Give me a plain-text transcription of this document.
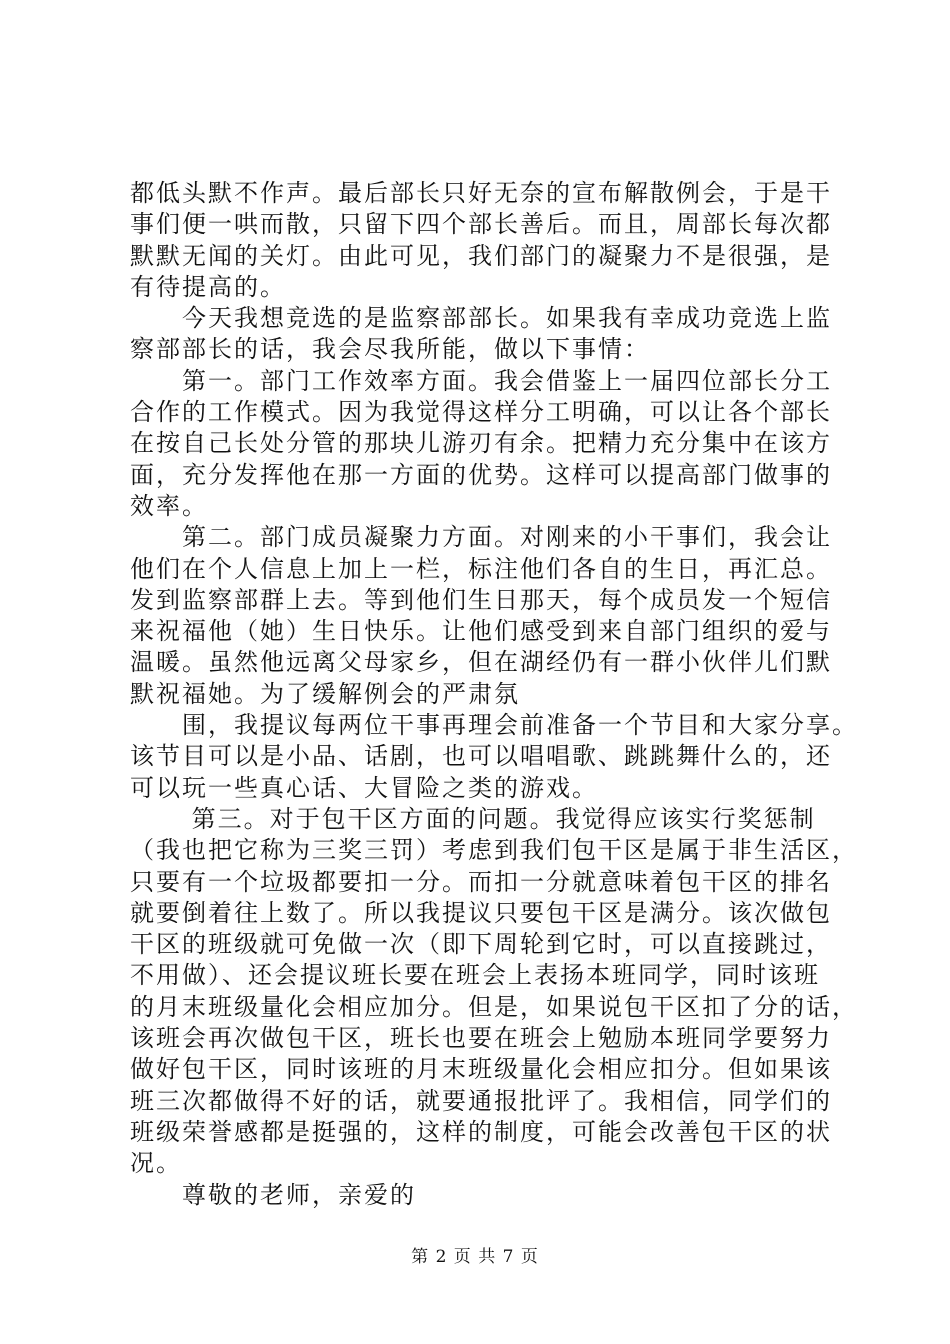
都低头默不作声。最后部长只好无奈的宣布解散例会，于是干
事们便一哄而散，只留下四个部长善后。而且，周部长每次都
默默无闻的关灯。由此可见，我们部门的凝聚力不是很强，是
有待提高的。

　　今天我想竞选的是监察部部长。如果我有幸成功竞选上监
察部部长的话，我会尽我所能，做以下事情：

　　第一。部门工作效率方面。我会借鉴上一届四位部长分工
合作的工作模式。因为我觉得这样分工明确，可以让各个部长
在按自己长处分管的那块儿游刃有余。把精力充分集中在该方
面，充分发挥他在那一方面的优势。这样可以提高部门做事的
效率。

　　第二。部门成员凝聚力方面。对刚来的小干事们，我会让
他们在个人信息上加上一栏，标注他们各自的生日，再汇总。
发到监察部群上去。等到他们生日那天，每个成员发一个短信
来祝福他（她）生日快乐。让他们感受到来自部门组织的爱与
温暖。虽然他远离父母家乡，但在湖经仍有一群小伙伴儿们默
默祝福她。为了缓解例会的严肃氛

　　围，我提议每两位干事再理会前准备一个节目和大家分享。
该节目可以是小品、话剧，也可以唱唱歌、跳跳舞什么的，还
可以玩一些真心话、大冒险之类的游戏。

　　 第三。对于包干区方面的问题。我觉得应该实行奖惩制
（我也把它称为三奖三罚）考虑到我们包干区是属于非生活区，
只要有一个垃圾都要扣一分。而扣一分就意味着包干区的排名
就要倒着往上数了。所以我提议只要包干区是满分。该次做包
干区的班级就可免做一次（即下周轮到它时，可以直接跳过，
不用做）、还会提议班长要在班会上表扬本班同学，同时该班
的月末班级量化会相应加分。但是，如果说包干区扣了分的话，
该班会再次做包干区，班长也要在班会上勉励本班同学要努力
做好包干区，同时该班的月末班级量化会相应扣分。但如果该
班三次都做得不好的话，就要通报批评了。我相信，同学们的
班级荣誉感都是挺强的，这样的制度，可能会改善包干区的状
况。

　　尊敬的老师，亲爱的

第 2 页 共 7 页
